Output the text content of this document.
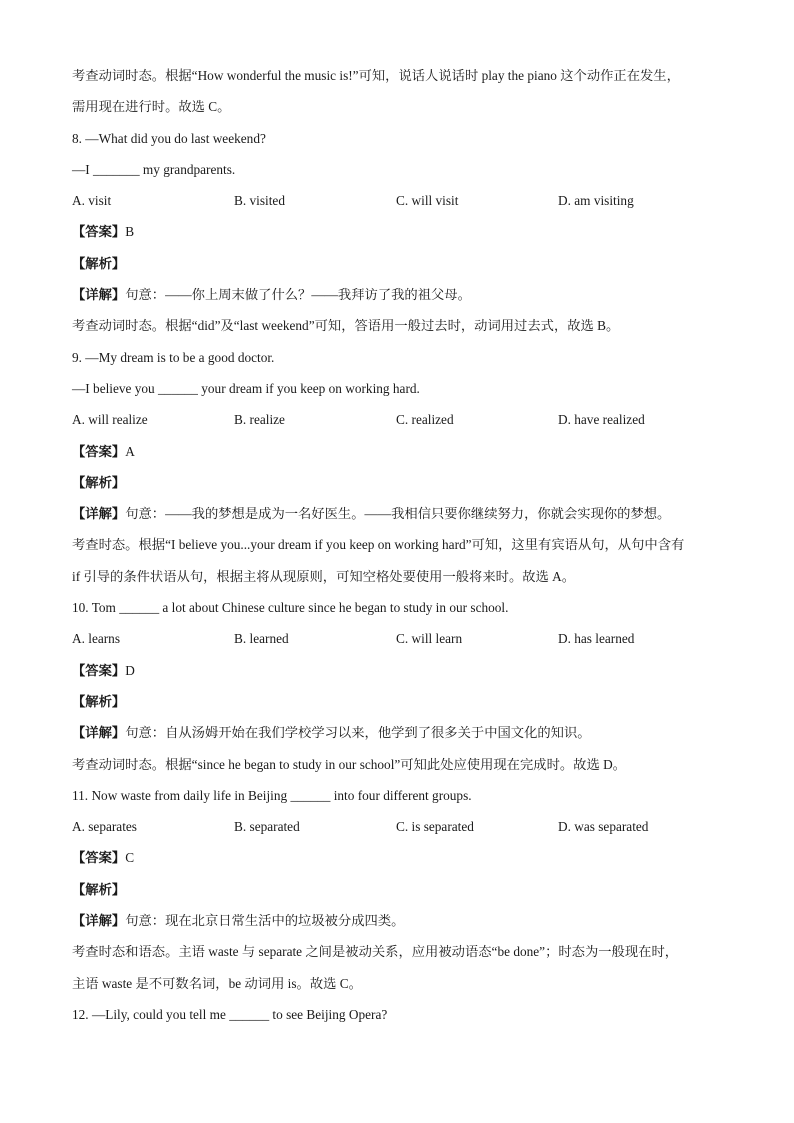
考查动词时态。根据“How wonderful the music is!”可知，说话人说话时 play the piano 这个动作正在发生，
需用现在进行时。故选 C。
8. —What did you do last weekend?
—I _______ my grandparents.
A. visit	B. visited	C. will visit	D. am visiting
【答案】B
【解析】
【详解】句意：——你上周末做了什么？——我拜访了我的祖父母。
考查动词时态。根据“did”及“last weekend”可知，答语用一般过去时，动词用过去式，故选 B。
9. —My dream is to be a good doctor.
—I believe you ______ your dream if you keep on working hard.
A. will realize	B. realize	C. realized	D. have realized
【答案】A
【解析】
【详解】句意：——我的梦想是成为一名好医生。——我相信只要你继续努力，你就会实现你的梦想。
考查时态。根据“I believe you...your dream if you keep on working hard”可知，这里有宾语从句，从句中含有
if 引导的条件状语从句，根据主将从现原则，可知空格处要使用一般将来时。故选 A。
10. Tom ______ a lot about Chinese culture since he began to study in our school.
A. learns	B. learned	C. will learn	D. has learned
【答案】D
【解析】
【详解】句意：自从汤姆开始在我们学校学习以来，他学到了很多关于中国文化的知识。
考查动词时态。根据“since he began to study in our school”可知此处应使用现在完成时。故选 D。
11. Now waste from daily life in Beijing ______ into four different groups.
A. separates	B. separated	C. is separated	D. was separated
【答案】C
【解析】
【详解】句意：现在北京日常生活中的垃圾被分成四类。
考查时态和语态。主语 waste 与 separate 之间是被动关系，应用被动语态“be done”；时态为一般现在时，
主语 waste 是不可数名词，be 动词用 is。故选 C。
12. —Lily, could you tell me ______ to see Beijing Opera?
